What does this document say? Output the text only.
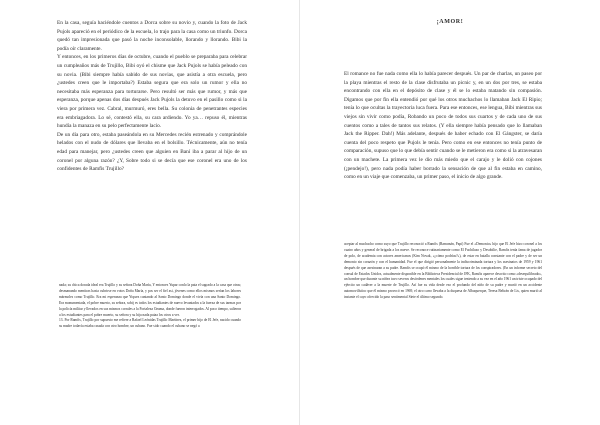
En la casa, seguía haciéndole cuentos a Dorca sobre su novio y, cuando la foto de Jack Pujols apareció en el periódico de la escuela, lo trajo para la casa como un triunfo. Dorca quedó tan impresionada que pasó la noche inconsolable, llorando y llorando. Bibi la podía oír claramente.
Y entonces, en los primeros días de octubre, cuando el pueblo se preparaba para celebrar un cumpleaños más de Trujillo, Bibi oyó el chisme que Jack Pujols se había peleado con su novia. (Bibi siempre había sabido de sus novias, que asistía a otra escuela, pero ¿ustedes creen que le importaba?) Estaba segura que era solo un rumor y ella no necesitaba más esperanza para torturarse. Pero resultó ser más que rumor, y más que esperanza, porque apenas dos días después Jack Pujols la detuvo en el pasillo como si la viera por primera vez. Cabral, murmuró, eres bella. Su colonia de penetrantes especies era embriagadora. Lo sé, contestó ella, su cara ardiendo. Yo ya… repuso él, mientras hundía la manaza en su pelo perfectamente lacio.
De un día para otro, estaba paseándola en su Mercedes recién estrenado y comprándole helados con el nudo de dólares que llevaba en el bolsillo. Técnicamente, aún no tenía edad para manejar, pero ¿ustedes creen que alguien en Baní iba a parar al hijo de un coronel por alguna razón? ¿Y, Sobre todo si se decía que ese coronel era uno de los confidentes de Ramfis Trujillo?

nada; su chica dorada ideal era Trujillo y su señora Doña María, Y entonces Yupar conlo la pata el sagrado a la casa que otras; desmanando mentiras hasta cubrirse en votos Doña María, y pos ser el fiel asi, jóvenes como ellos mismos serían los labores mármoles como Trujillo. Era mi esperanza que Yiquez cantando al Santo Domingo donde el vivía con una Santo Domingo. Era monumentada, el pobre muerto, su señora, sobij es todos los estudiantes de nuevo levantados a la fuerza de sus tarmas por la policía militar y llevados en sus mismos corrales a la Fortaleza Ozama, donde fueron interrogados. Al poco tiempo, salieron a los estudiantes para el pobre muerto, su señora y su hija nada paiaa los otros a ver.
13. Por Ramfis, Trujillo por supuesto me refiere a Rafael Leónidas Trujillo Martínez, el primer hijo de El Jefe, nacido cuando su madre todavía estaba casada con otro hombre, un cubano. Fue sido cuando el cubano se negó a

¡AMOR!

El romance no fue nada como ella lo había parecer después. Un par de charlas, un paseo por la playa mientras el resto de la clase disfrutaba un picnic y, en un dos por tres, se estaba encontrando con ella en el depósito de clase y él se lo estaba matando sin compasión. Digamos que por fin ella entendió por qué los otros muchachos lo llamaban Jack El Ripio; tenía lo que ocultas la trayectoria luca fuera. Para ese entonces, ese lengua, Bibi mientras sus viejos sin vivir como podía, Robando un poco de todos sus cuartos y de cada uno de sus cuentos como a tales de tantos sus relatos. (Y ella siempre había pensado que lo llamaban Jack the Ripper. Dah!) Más adelante, después de haber echado con El Gángster, se daría cuenta del poco respeto que Pujols le tenía. Pero como en ese entonces no tenía punto de comparación, supuso que lo que debía sentir cuando se le metieron era como si la atravesaran con un machete. La primera vez le dio más miedo que el carajo y le dolió con cojones (¡pendejo!), pero nada podía haber borrado la sensación de que al fin estaba en camino, como en un viaje que comenzaba, un primer paso, el inicio de algo grande.

aceptar al muchacho como suyo que Trujillo reconoció a Ramfis (Ramonán, Papi) Fue el «Demonio» hijo que El Jefe hizo coronel a los cuatro años y general de brigada a los nueve. Se reconoce rutinariamente como El Fuchilaxo y Desobilie, Ramfis tenía fama de jugador de polo, de academia con actores americanos (Kim Novak, «¿cómo podrías?»), de estar en batalla constante con el padre y de ser un demonio sin corazón y con el humanidad. Fue el que dirigió personalmente la indiscriminada tortura y los asesinatos de 1959 y 1961 después de que asesinaran a su padre. Ramfis se ocupó él mismo de la horrible tortura de los conspiradores. (En un informe secreto del consul de Estados Unidos, actualmente disponible en la Biblioteca Presidencial de JFK, Ramfis aparece descrito como «desequilibrado», un hombre que durante su niñez tuvo severos desórdenes mentales los cuales sigue teniendo a su vez en el año 1961 un triste ocupado del ejército un cadáver a la muerte de Trujillo. Así fue su vida desde eso el profundo del niño de su padre y murió en un accidente automovilístico que él mismo provocó en 1969, el otro carro llevaba a la duquesa de Albuquerque, Teresa Beltrán de Lis, quien murió al instante el cayo ofrecido la paso sentimental Siete el último segundo.
